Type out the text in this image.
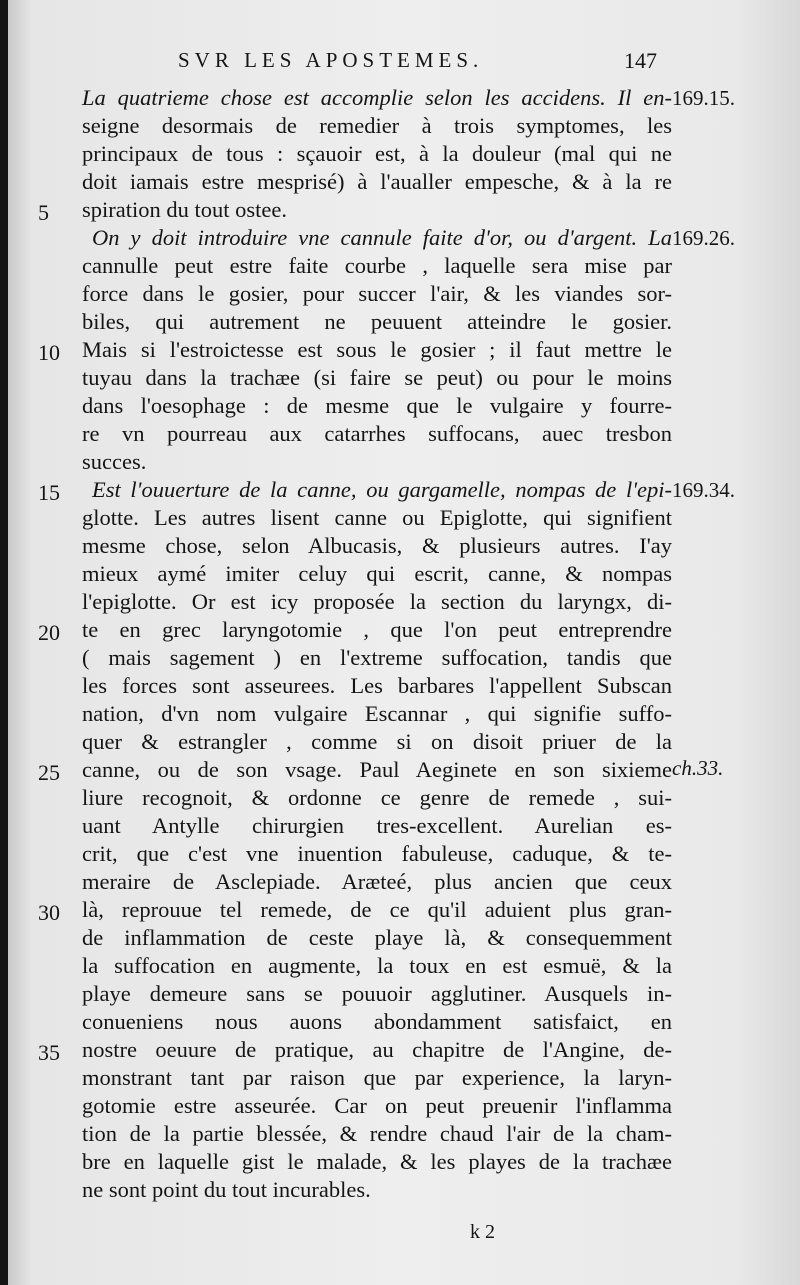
SVR LES APOSTEMES.	147
La quatrieme chose est accomplie selon les accidens. Il en-
seigne desormais de remedier à trois symptomes, les
principaux de tous : sçauoir est, à la douleur (mal qui ne
doit iamais estre mesprisé) à l'aualler empesche, & à la re
spiration du tout ostee.
On y doit introduire vne cannule faite d'or, ou d'argent. La
cannulle peut estre faite courbe , laquelle sera mise par
force dans le gosier, pour succer l'air, & les viandes sor-
biles, qui autrement ne peuuent atteindre le gosier.
Mais si l'estroictesse est sous le gosier ; il faut mettre le
tuyau dans la trachæe (si faire se peut) ou pour le moins
dans l'oesophage : de mesme que le vulgaire y fourre-
re vn pourreau aux catarrhes suffocans, auec tresbon
succes.
Est l'ouuerture de la canne, ou gargamelle, nompas de l'epi-
glotte. Les autres lisent canne ou Epiglotte, qui signifient
mesme chose, selon Albucasis, & plusieurs autres. I'ay
mieux aymé imiter celuy qui escrit, canne, & nompas
l'epiglotte. Or est icy proposée la section du laryngx, di-
te en grec laryngotomie , que l'on peut entreprendre
( mais sagement ) en l'extreme suffocation, tandis que
les forces sont asseurees. Les barbares l'appellent Subscan
nation, d'vn nom vulgaire Escannar , qui signifie suffo-
quer & estrangler , comme si on disoit priuer de la
canne, ou de son vsage. Paul Aeginete en son sixieme
liure recognoit, & ordonne ce genre de remede , sui-
uant Antylle chirurgien tres-excellent. Aurelian es-
crit, que c'est vne inuention fabuleuse, caduque, & te-
meraire de Asclepiade. Aræteé, plus ancien que ceux
là, reprouue tel remede, de ce qu'il aduient plus gran-
de inflammation de ceste playe là, & consequemment
la suffocation en augmente, la toux en est esmuë, & la
playe demeure sans se pouuoir agglutiner. Ausquels in-
conueniens nous auons abondamment satisfaict, en
nostre oeuure de pratique, au chapitre de l'Angine, de-
monstrant tant par raison que par experience, la laryn-
gotomie estre asseurée. Car on peut preuenir l'inflamma
tion de la partie blessée, & rendre chaud l'air de la cham-
bre en laquelle gist le malade, & les playes de la trachæe
ne sont point du tout incurables.
5
10
15
20
25
30
35
169.15.
169.26.
169.34.
ch.33.
k 2
